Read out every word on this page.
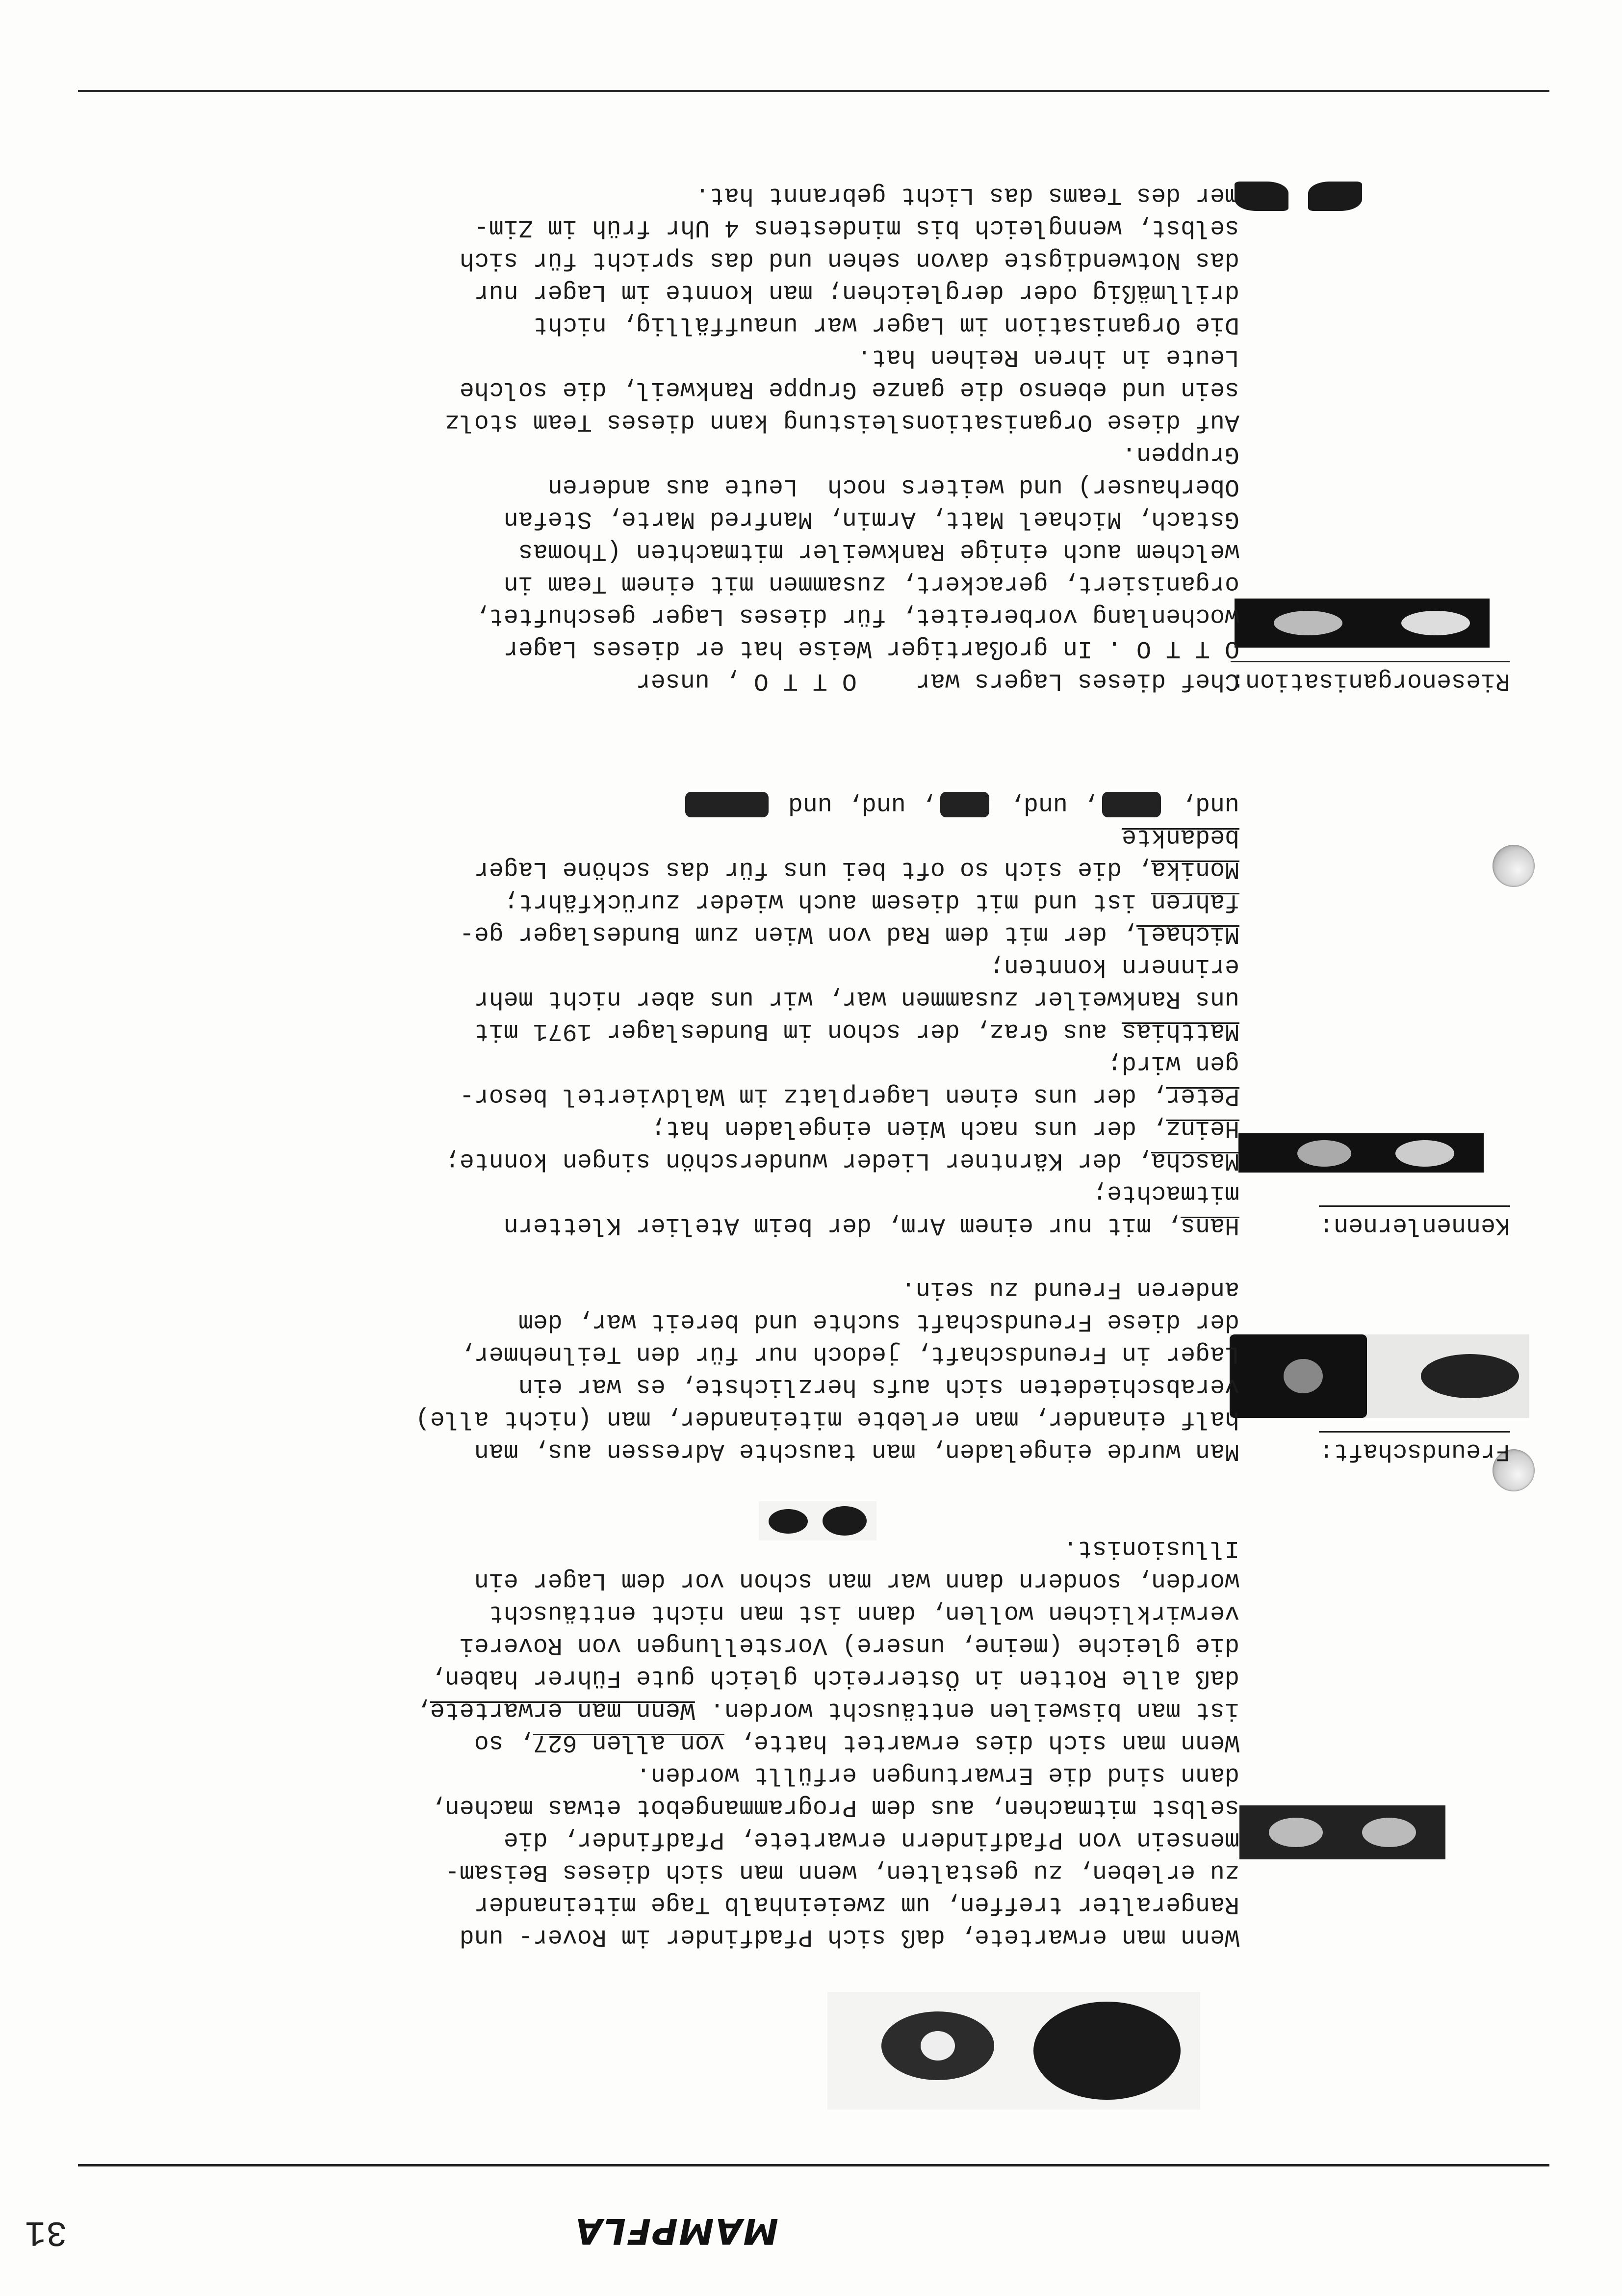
MAMPFLA
31
Freundschaft:
Kennenlernen:
Riesenorganisation:
Wenn man erwartete, daß sich Pfadfinder im Rover- und
Rangeralter treffen, um zweieinhalb Tage miteinander
zu erleben, zu gestalten, wenn man sich dieses Beisam-
mensein von Pfadfindern erwartete, Pfadfinder, die
selbst mitmachen, aus dem Programmangebot etwas machen,
dann sind die Erwartungen erfüllt worden.
Wenn man sich dies erwartet hatte, von allen 627, so
ist man bisweilen enttäuscht worden. Wenn man erwartete,
daß alle Rotten in Österreich gleich gute Führer haben,
die gleiche (meine, unsere) Vorstellungen von Roverei
verwirklichen wollen, dann ist man nicht enttäuscht
worden, sondern dann war man schon vor dem Lager ein
Illusionist.
Man wurde eingeladen, man tauschte Adressen aus, man
half einander, man erlebte miteinander, man (nicht alle)
verabschiedeten sich aufs herzlichste, es war ein
Lager in Freundschaft, jedoch nur für den Teilnehmer,
der diese Freundschaft suchte und bereit war, dem
anderen Freund zu sein.
Hans, mit nur einem Arm, der beim Atelier Klettern
mitmachte;
Mascha, der Kärntner Lieder wunderschön singen konnte;
Heinz, der uns nach Wien eingeladen hat;
Peter, der uns einen Lagerplatz im Waldviertel besor-
gen wird;
Matthias aus Graz, der schon im Bundeslager 1971 mit
uns Rankweiler zusammen war, wir uns aber nicht mehr
erinnern konnten;
Michael, der mit dem Rad von Wien zum Bundeslager ge-
fahren ist und mit diesem auch wieder zurückfährt;
Monika, die sich so oft bei uns für das schöne Lager
bedankte
und, , und, , und, und
Chef dieses Lagers war    O T T O , unser
O T T O . In großartiger Weise hat er dieses Lager
wochenlang vorbereitet, für dieses Lager geschuftet,
organisiert, gerackert, zusammen mit einem Team in
welchem auch einige Rankweiler mitmachten (Thomas
Gstach, Michael Matt, Armin, Manfred Marte, Stefan
Oberhauser) und weiters noch  Leute aus anderen
Gruppen.
Auf diese Organisationsleistung kann dieses Team stolz
sein und ebenso die ganze Gruppe Rankweil, die solche
Leute in ihren Reihen hat.
Die Organisation im Lager war unauffällig, nicht
drillmäßig oder dergleichen; man konnte im Lager nur
das Notwendigste davon sehen und das spricht für sich
selbst, wenngleich bis mindestens 4 Uhr früh im Zim-
mer des Teams das Licht gebrannt hat.
